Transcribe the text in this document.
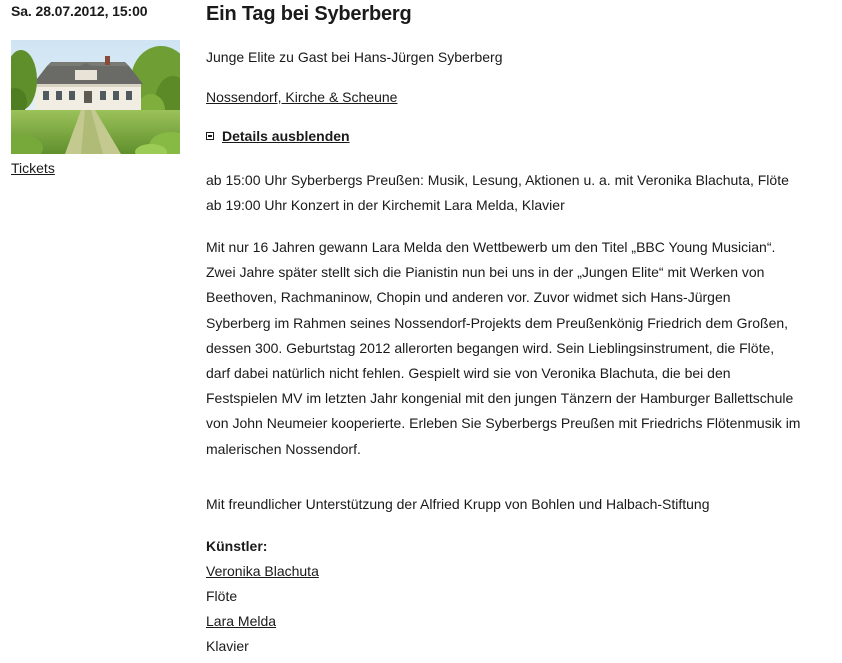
Sa. 28.07.2012, 15:00
Tickets
Ein Tag bei Syberberg
Junge Elite zu Gast bei Hans-Jürgen Syberberg
Nossendorf, Kirche & Scheune
Details ausblenden
ab 15:00 Uhr Syberbergs Preußen: Musik, Lesung, Aktionen u. a. mit Veronika Blachuta, Flöte
ab 19:00 Uhr Konzert in der Kirchemit Lara Melda, Klavier
Mit nur 16 Jahren gewann Lara Melda den Wettbewerb um den Titel „BBC Young Musician“.
Zwei Jahre später stellt sich die Pianistin nun bei uns in der „Jungen Elite“ mit Werken von
Beethoven, Rachmaninow, Chopin und anderen vor. Zuvor widmet sich Hans-Jürgen
Syberberg im Rahmen seines Nossendorf-Projekts dem Preußenkönig Friedrich dem Großen,
dessen 300. Geburtstag 2012 allerorten begangen wird. Sein Lieblingsinstrument, die Flöte,
darf dabei natürlich nicht fehlen. Gespielt wird sie von Veronika Blachuta, die bei den
Festspielen MV im letzten Jahr kongenial mit den jungen Tänzern der Hamburger Ballettschule
von John Neumeier kooperierte. Erleben Sie Syberbergs Preußen mit Friedrichs Flötenmusik im
malerischen Nossendorf.
Mit freundlicher Unterstützung der Alfried Krupp von Bohlen und Halbach-Stiftung
Künstler:
Veronika Blachuta
Flöte
Lara Melda
Klavier
